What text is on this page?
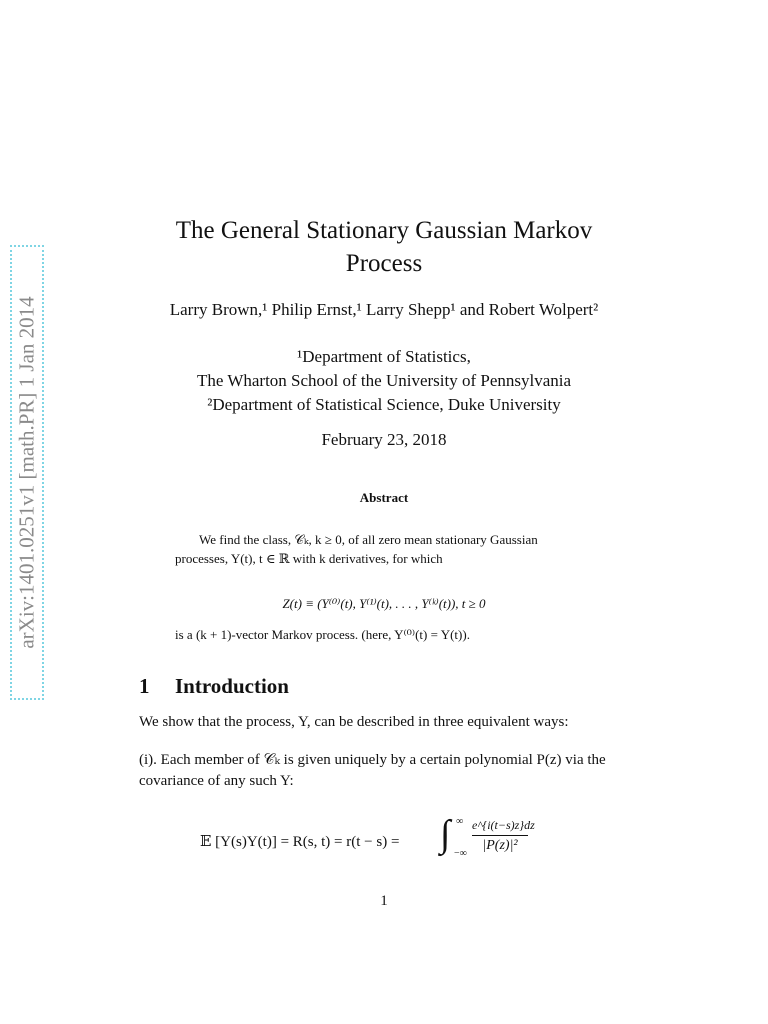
arXiv:1401.0251v1 [math.PR] 1 Jan 2014
The General Stationary Gaussian Markov
Process
Larry Brown,¹ Philip Ernst,¹ Larry Shepp¹ and Robert Wolpert²
¹Department of Statistics,
The Wharton School of the University of Pennsylvania
²Department of Statistical Science, Duke University
February 23, 2018
Abstract

We find the class, 𝒞ₖ, k ≥ 0, of all zero mean stationary Gaussian

processes, Y(t), t ∈ ℝ with k derivatives, for which

Z(t) ≡ (Y⁽⁰⁾(t), Y⁽¹⁾(t), . . . , Y⁽ᵏ⁾(t)), t ≥ 0
is a (k + 1)-vector Markov process. (here, Y⁽⁰⁾(t) = Y(t)).
1 Introduction
We show that the process, Y, can be described in three equivalent ways:
(i). Each member of 𝒞ₖ is given uniquely by a certain polynomial P(z) via the covariance of any such Y:
𝔼 [Y(s)Y(t)] = R(s, t) = r(t − s) = ∫ ∞
−∞ $\frac{e\^{}\{i(t-s)z\}dz}{\text{|P(z)|²}}$
1
